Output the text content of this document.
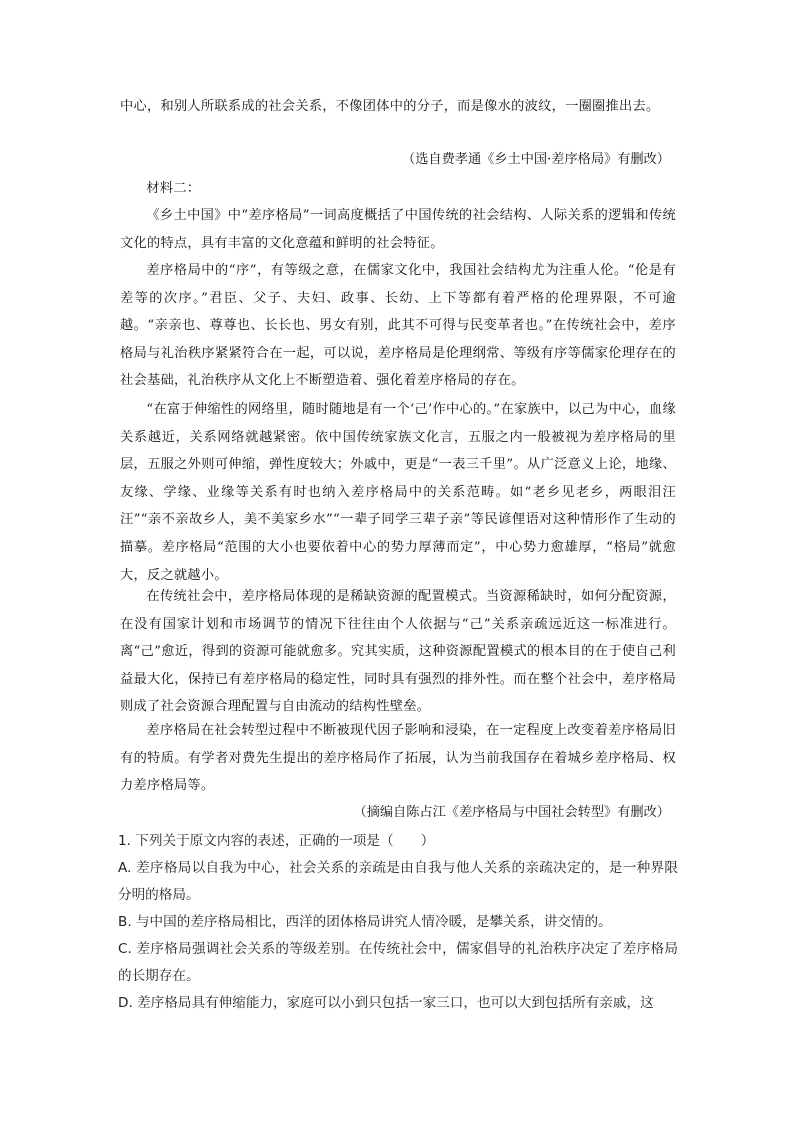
中心，和别人所联系成的社会关系，不像团体中的分子，而是像水的波纹，一圈圈推出去。
（选自费孝通《乡土中国·差序格局》有删改）
材料二：
《乡土中国》中“差序格局”一词高度概括了中国传统的社会结构、人际关系的逻辑和传统文化的特点，具有丰富的文化意蕴和鲜明的社会特征。
差序格局中的“序”，有等级之意，在儒家文化中，我国社会结构尤为注重人伦。“伦是有差等的次序。”君臣、父子、夫妇、政事、长幼、上下等都有着严格的伦理界限，不可逾越。“亲亲也、尊尊也、长长也、男女有别，此其不可得与民变革者也。”在传统社会中，差序格局与礼治秩序紧紧符合在一起，可以说，差序格局是伦理纲常、等级有序等儒家伦理存在的社会基础，礼治秩序从文化上不断塑造着、强化着差序格局的存在。
“在富于伸缩性的网络里，随时随地是有一个‘己’作中心的。”在家族中，以己为中心，血缘关系越近，关系网络就越紧密。依中国传统家族文化言，五服之内一般被视为差序格局的里层，五服之外则可伸缩，弹性度较大；外戚中，更是“一表三千里”。从广泛意义上论，地缘、友缘、学缘、业缘等关系有时也纳入差序格局中的关系范畴。如“老乡见老乡，两眼泪汪汪”“亲不亲故乡人，美不美家乡水”“一辈子同学三辈子亲”等民谚俚语对这种情形作了生动的描摹。差序格局“范围的大小也要依着中心的势力厚薄而定”，中心势力愈雄厚，“格局”就愈大，反之就越小。
在传统社会中，差序格局体现的是稀缺资源的配置模式。当资源稀缺时，如何分配资源，在没有国家计划和市场调节的情况下往往由个人依据与“己”关系亲疏远近这一标准进行。离“己”愈近，得到的资源可能就愈多。究其实质，这种资源配置模式的根本目的在于使自己利益最大化，保持已有差序格局的稳定性，同时具有强烈的排外性。而在整个社会中，差序格局则成了社会资源合理配置与自由流动的结构性壁垒。
差序格局在社会转型过程中不断被现代因子影响和浸染，在一定程度上改变着差序格局旧有的特质。有学者对费先生提出的差序格局作了拓展，认为当前我国存在着城乡差序格局、权力差序格局等。
（摘编自陈占江《差序格局与中国社会转型》有删改）
1. 下列关于原文内容的表述，正确的一项是（　　）
A. 差序格局以自我为中心，社会关系的亲疏是由自我与他人关系的亲疏决定的，是一种界限分明的格局。
B. 与中国的差序格局相比，西洋的团体格局讲究人情冷暖，是攀关系，讲交情的。
C. 差序格局强调社会关系的等级差别。在传统社会中，儒家倡导的礼治秩序决定了差序格局的长期存在。
D. 差序格局具有伸缩能力，家庭可以小到只包括一家三口，也可以大到包括所有亲戚，这
